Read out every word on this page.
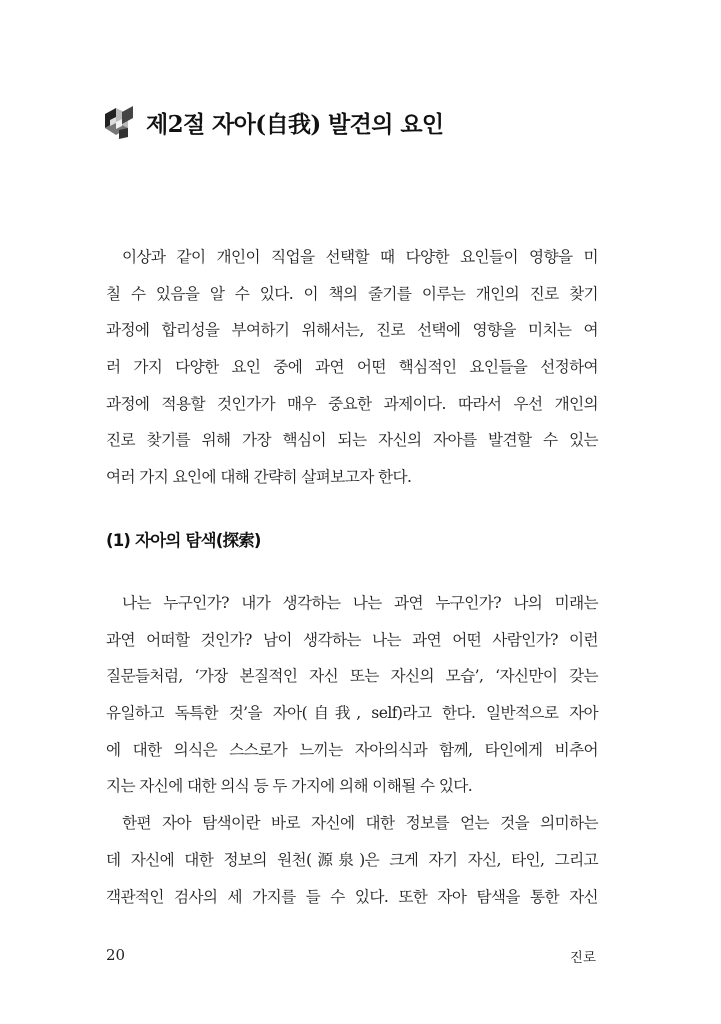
제2절 자아(自我) 발견의 요인
이상과 같이 개인이 직업을 선택할 때 다양한 요인들이 영향을 미
칠 수 있음을 알 수 있다. 이 책의 줄기를 이루는 개인의 진로 찾기
과정에 합리성을 부여하기 위해서는, 진로 선택에 영향을 미치는 여
러 가지 다양한 요인 중에 과연 어떤 핵심적인 요인들을 선정하여
과정에 적용할 것인가가 매우 중요한 과제이다. 따라서 우선 개인의
진로 찾기를 위해 가장 핵심이 되는 자신의 자아를 발견할 수 있는
여러 가지 요인에 대해 간략히 살펴보고자 한다.
(1) 자아의 탐색(探索)
나는 누구인가? 내가 생각하는 나는 과연 누구인가? 나의 미래는
과연 어떠할 것인가? 남이 생각하는 나는 과연 어떤 사람인가? 이런
질문들처럼, ‘가장 본질적인 자신 또는 자신의 모습’, ‘자신만이 갖는
유일하고 독특한 것’을 자아(自我, self)라고 한다. 일반적으로 자아
에 대한 의식은 스스로가 느끼는 자아의식과 함께, 타인에게 비추어
지는 자신에 대한 의식 등 두 가지에 의해 이해될 수 있다.
한편 자아 탐색이란 바로 자신에 대한 정보를 얻는 것을 의미하는
데 자신에 대한 정보의 원천(源泉)은 크게 자기 자신, 타인, 그리고
객관적인 검사의 세 가지를 들 수 있다. 또한 자아 탐색을 통한 자신
20	진로
